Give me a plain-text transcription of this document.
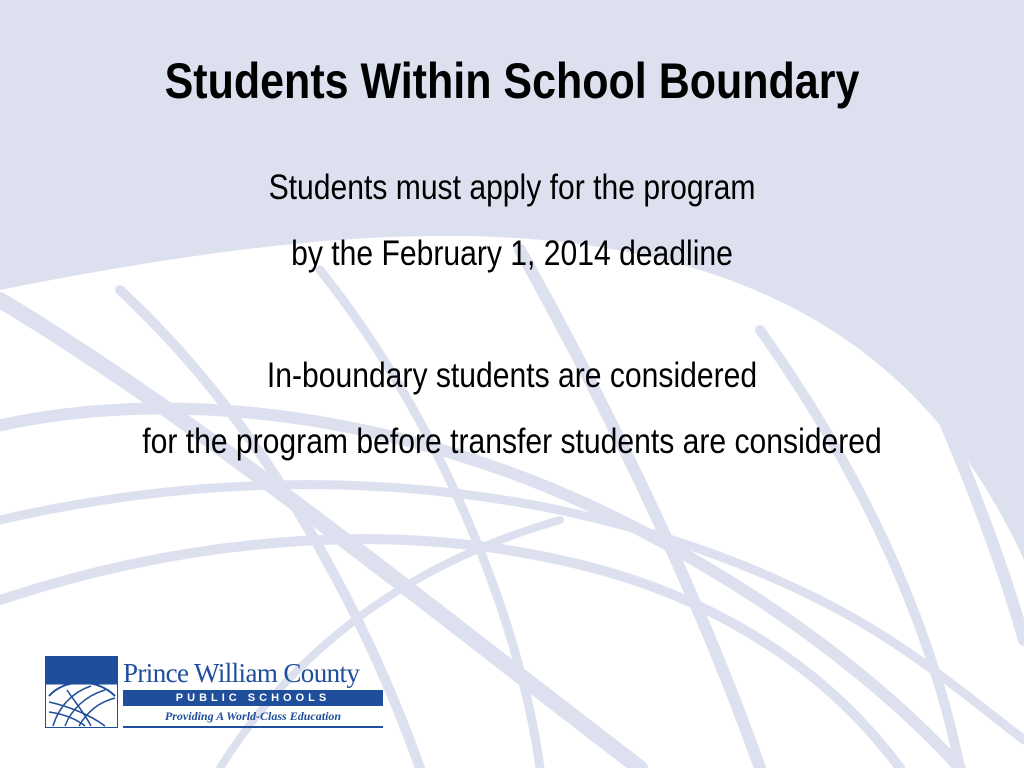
Students Within School Boundary
Students must apply for the program
by the February 1, 2014 deadline
In-boundary students are considered
for the program before transfer students are considered
Prince William County
PUBLIC SCHOOLS
Providing A World-Class Education
